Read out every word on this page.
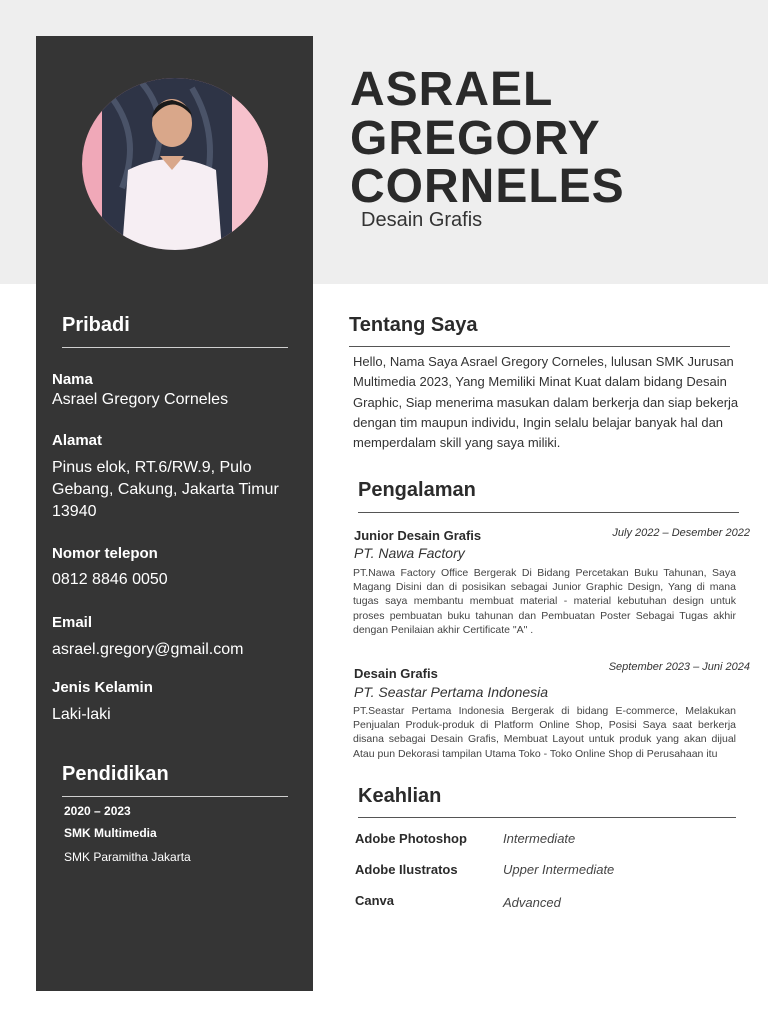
Pribadi
Nama
Asrael Gregory Corneles
Alamat
Pinus elok, RT.6/RW.9, Pulo Gebang, Cakung, Jakarta Timur 13940
Nomor telepon
0812 8846 0050
Email
asrael.gregory@gmail.com
Jenis Kelamin
Laki-laki
Pendidikan
2020 – 2023
SMK Multimedia
SMK Paramitha Jakarta
ASRAEL
GREGORY
CORNELES
Desain Grafis
Tentang Saya
Hello, Nama Saya Asrael Gregory Corneles, lulusan SMK Jurusan Multimedia 2023, Yang Memiliki Minat Kuat dalam bidang Desain Graphic, Siap menerima masukan dalam berkerja dan siap bekerja dengan tim maupun individu, Ingin selalu belajar banyak hal dan memperdalam skill yang saya miliki.
Pengalaman
Junior Desain Grafis	July 2022 – Desember 2022
PT. Nawa Factory
PT.Nawa Factory Office Bergerak Di Bidang Percetakan Buku Tahunan, Saya Magang Disini dan di posisikan sebagai Junior Graphic Design, Yang di mana tugas saya membantu membuat material - material kebutuhan design untuk proses pembuatan buku tahunan dan Pembuatan Poster Sebagai Tugas akhir dengan Penilaian akhir Certificate "A" .
Desain Grafis	September 2023 – Juni 2024
PT. Seastar Pertama Indonesia
PT.Seastar Pertama Indonesia Bergerak di bidang E-commerce, Melakukan Penjualan Produk-produk di Platform Online Shop, Posisi Saya saat berkerja disana sebagai Desain Grafis, Membuat Layout untuk produk yang akan dijual Atau pun Dekorasi tampilan Utama Toko - Toko Online Shop di Perusahaan itu
Keahlian
Adobe Photoshop	Intermediate
Adobe Ilustratos	Upper Intermediate
Canva	Advanced
